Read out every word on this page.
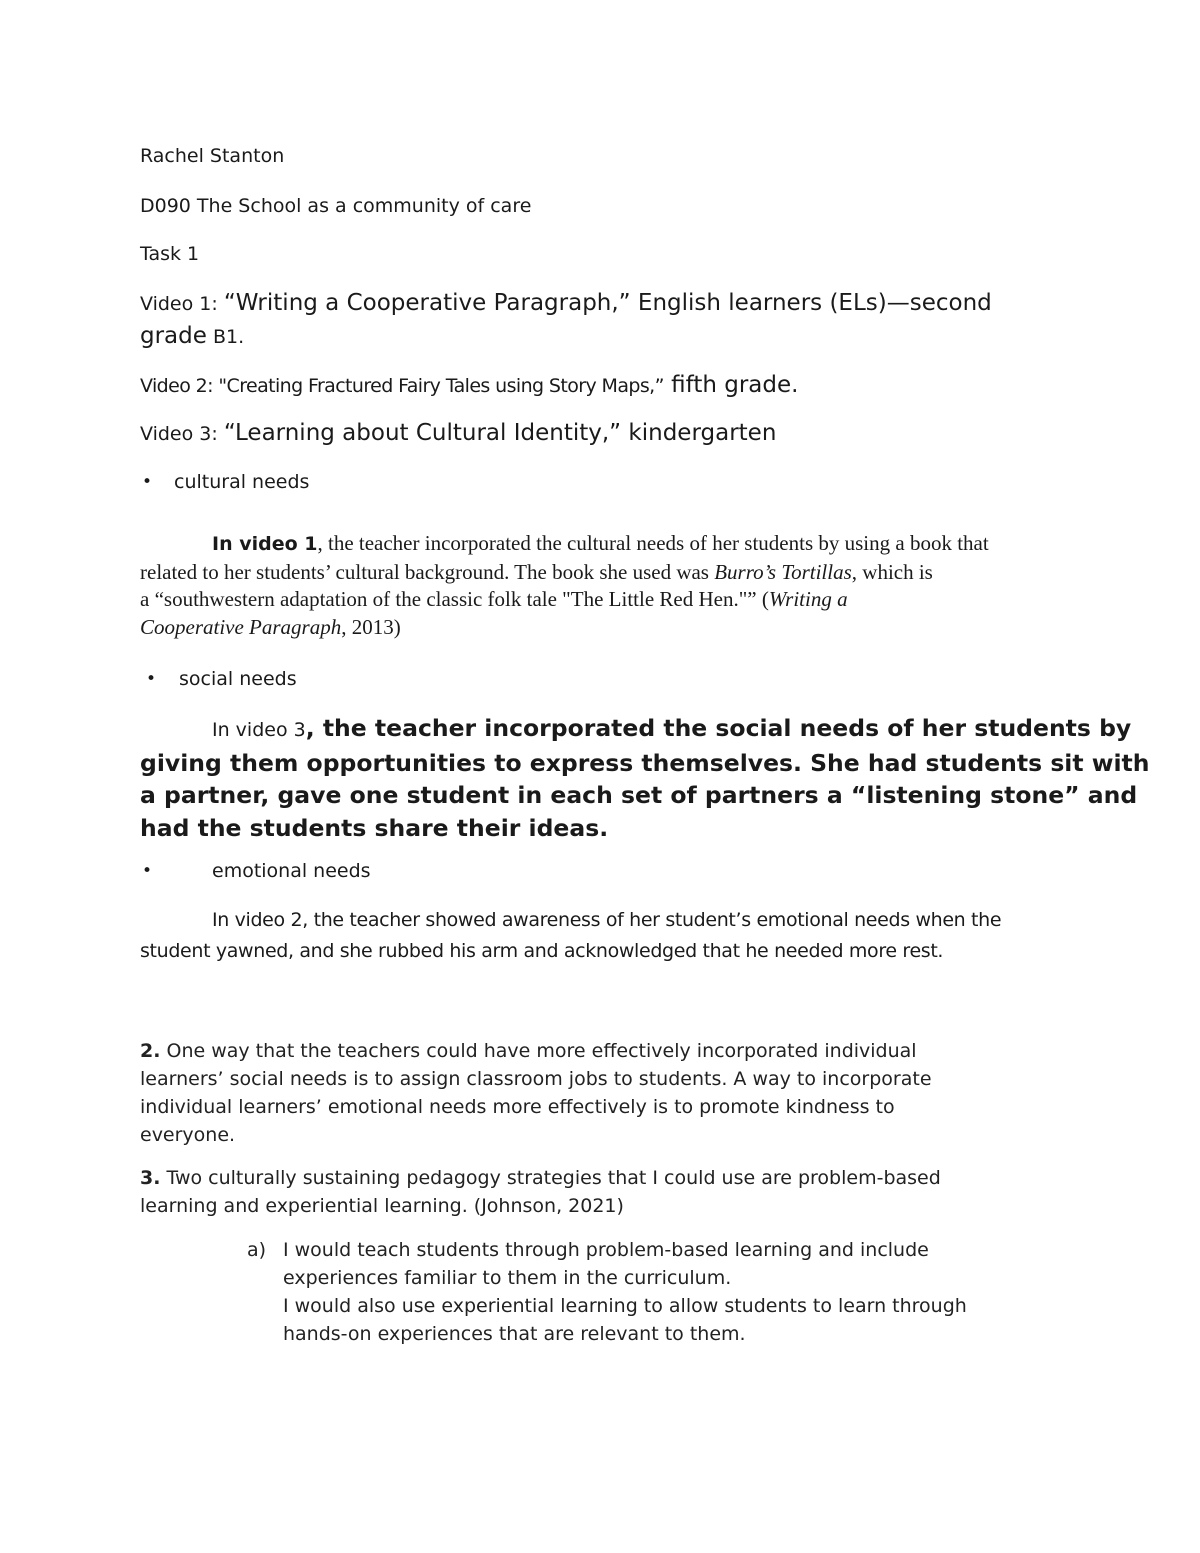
Rachel Stanton
D090 The School as a community of care
Task 1
Video 1: “Writing a Cooperative Paragraph,” English learners (ELs)—second
grade B1.
Video 2: "Creating Fractured Fairy Tales using Story Maps,” fifth grade.
Video 3: “Learning about Cultural Identity,” kindergarten
• cultural needs
In video 1, the teacher incorporated the cultural needs of her students by using a book that
related to her students’ cultural background. The book she used was Burro’s Tortillas, which is
a “southwestern adaptation of the classic folk tale "The Little Red Hen."” (Writing a
Cooperative Paragraph, 2013)
• social needs
In video 3, the teacher incorporated the social needs of her students by
giving them opportunities to express themselves. She had students sit with
a partner, gave one student in each set of partners a “listening stone” and
had the students share their ideas.
•	emotional needs
In video 2, the teacher showed awareness of her student’s emotional needs when the
student yawned, and she rubbed his arm and acknowledged that he needed more rest.
2. One way that the teachers could have more effectively incorporated individual
learners’ social needs is to assign classroom jobs to students. A way to incorporate
individual learners’ emotional needs more effectively is to promote kindness to
everyone.
3. Two culturally sustaining pedagogy strategies that I could use are problem-based
learning and experiential learning. (Johnson, 2021)
a) I would teach students through problem-based learning and include
experiences familiar to them in the curriculum.
I would also use experiential learning to allow students to learn through
hands-on experiences that are relevant to them.
